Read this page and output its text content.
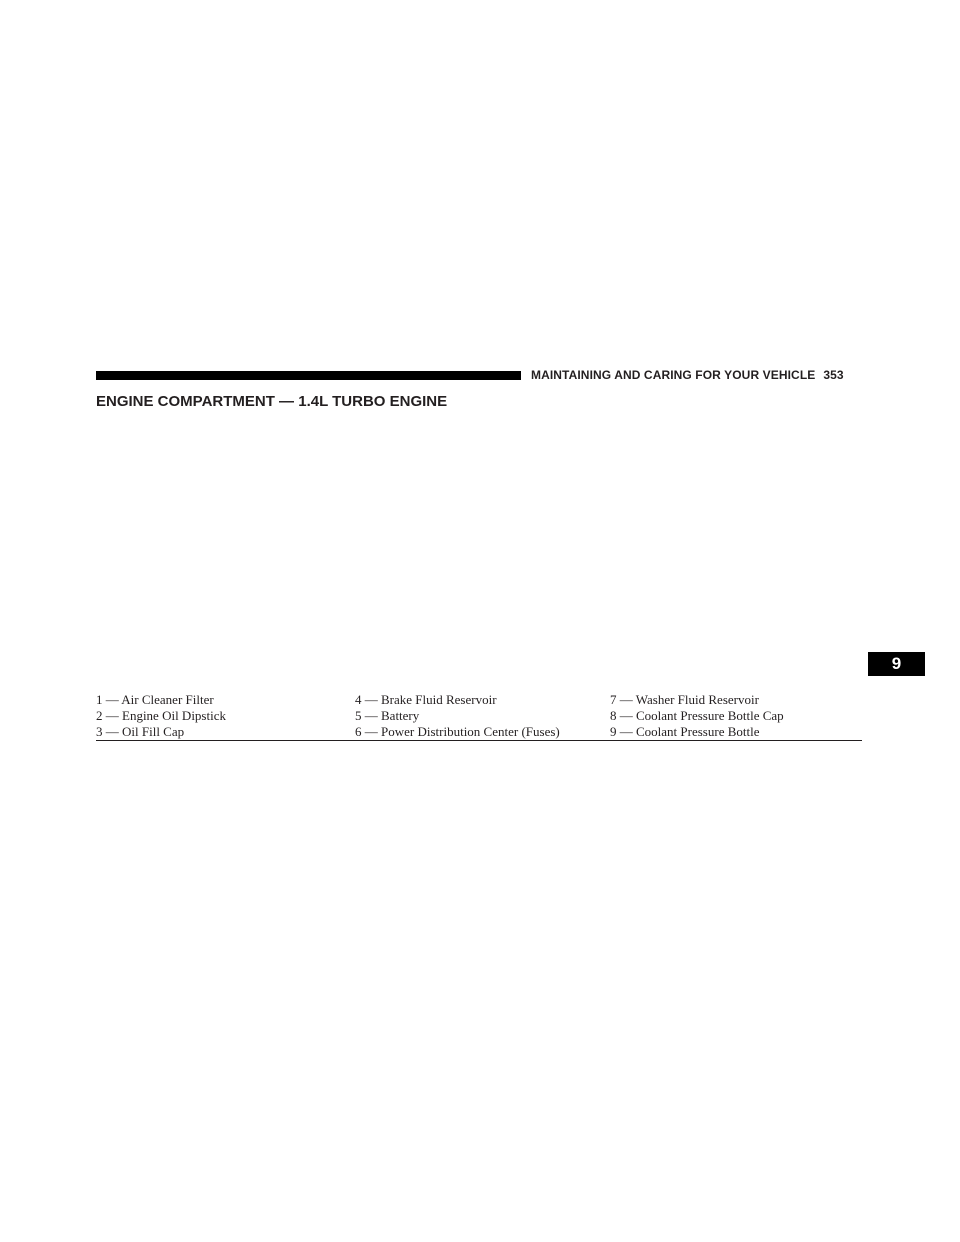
MAINTAINING AND CARING FOR YOUR VEHICLE 353
ENGINE COMPARTMENT — 1.4L TURBO ENGINE
9
1 — Air Cleaner Filter
2 — Engine Oil Dipstick
3 — Oil Fill Cap
4 — Brake Fluid Reservoir
5 — Battery
6 — Power Distribution Center (Fuses)
7 — Washer Fluid Reservoir
8 — Coolant Pressure Bottle Cap
9 — Coolant Pressure Bottle
